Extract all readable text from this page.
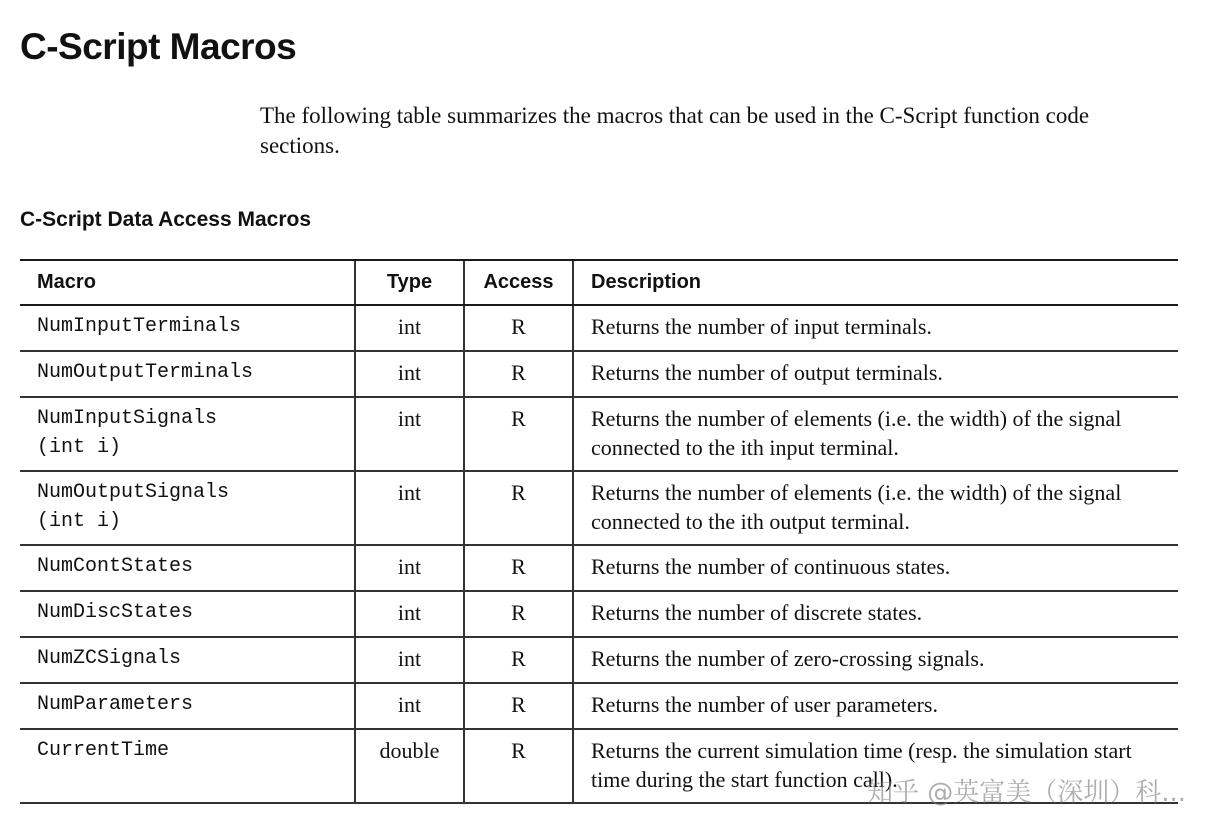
C-Script Macros

The following table summarizes the macros that can be used in the C-Script function code sections.

C-Script Data Access Macros
Macro	Type	Access	Description

NumInputTerminals	int	R	Returns the number of input terminals.

NumOutputTerminals	int	R	Returns the number of output terminals.

NumInputSignals
(int i)	int	R	Returns the number of elements (i.e. the width) of the signal connected to the ith input terminal.

NumOutputSignals
(int i)	int	R	Returns the number of elements (i.e. the width) of the signal connected to the ith output terminal.

NumContStates	int	R	Returns the number of continuous states.

NumDiscStates	int	R	Returns the number of discrete states.

NumZCSignals	int	R	Returns the number of zero-crossing signals.

NumParameters	int	R	Returns the number of user parameters.

CurrentTime	double	R	Returns the current simulation time (resp. the simulation start time during the start function call).
知乎 @英富美（深圳）科...
